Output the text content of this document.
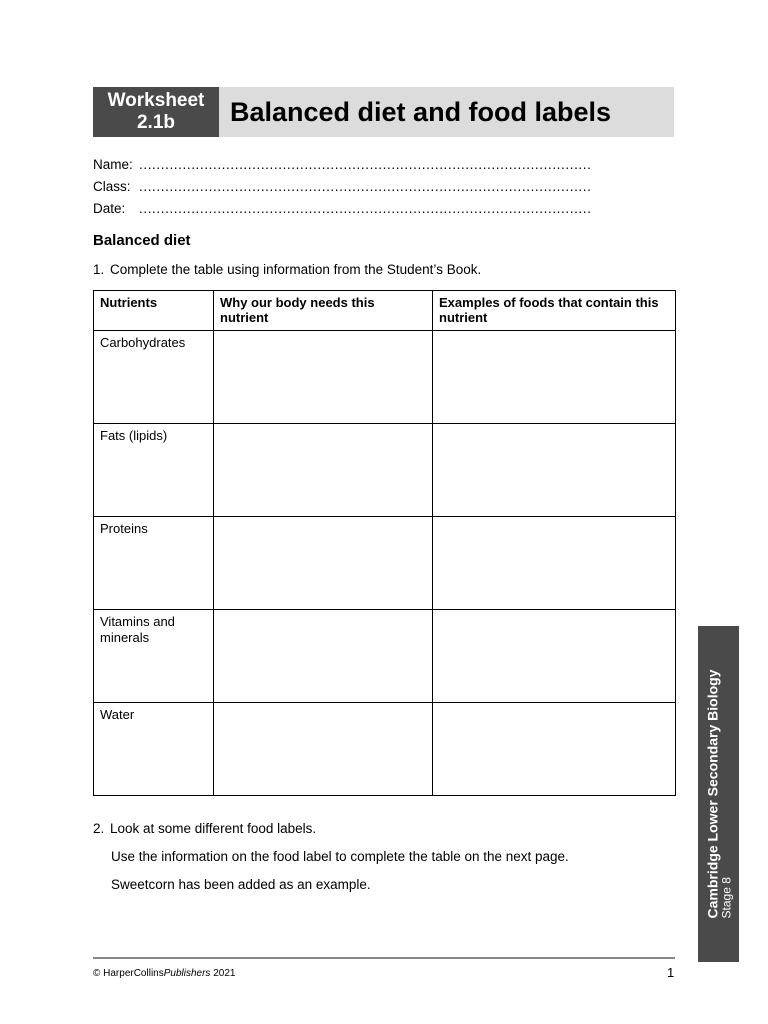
Worksheet
2.1b Balanced diet and food labels
Name: ........................................................................................................
Class: ........................................................................................................
Date: ........................................................................................................
Balanced diet
1. Complete the table using information from the Student’s Book.
Nutrients	Why our body needs this nutrient	Examples of foods that contain this nutrient
Carbohydrates		
Fats (lipids)		
Proteins		
Vitamins and minerals		
Water		
2. Look at some different food labels.
Use the information on the food label to complete the table on the next page.
Sweetcorn has been added as an example.
© HarperCollinsPublishers 2021	1
Cambridge Lower Secondary Biology Stage 8
